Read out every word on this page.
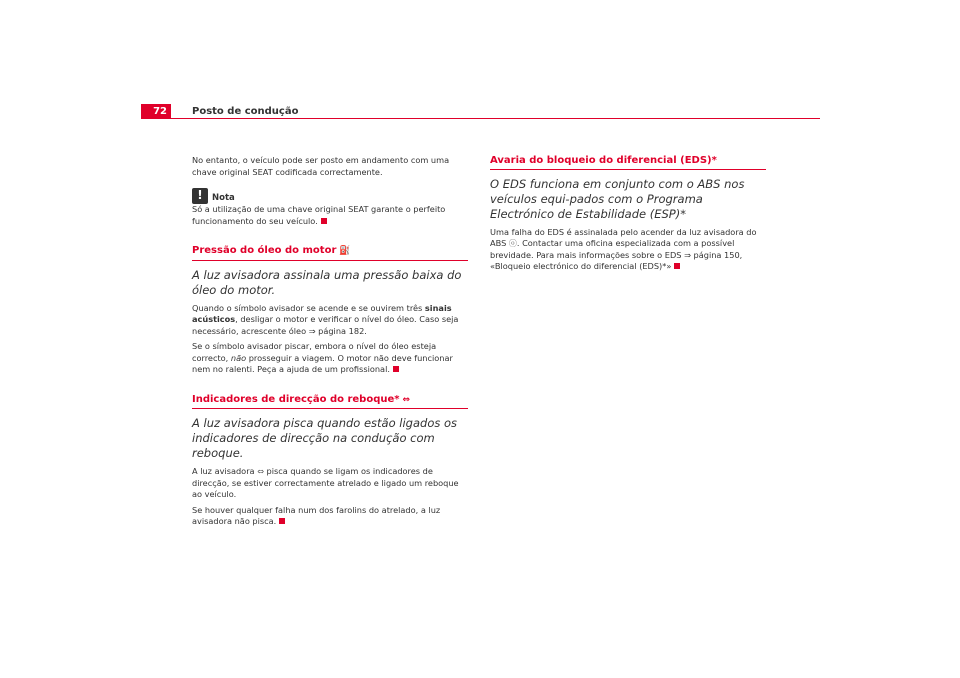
72	Posto de condução

No entanto, o veículo pode ser posto em andamento com uma chave original SEAT codificada correctamente.

!	Nota

Só a utilização de uma chave original SEAT garante o perfeito funcionamento do seu veículo.

Pressão do óleo do motor ⛽
A luz avisadora assinala uma pressão baixa do óleo do motor.

Quando o símbolo avisador se acende e se ouvirem três sinais acústicos, desligar o motor e verificar o nível do óleo. Caso seja necessário, acrescente óleo ⇒ página 182.

Se o símbolo avisador piscar, embora o nível do óleo esteja correcto, não prosseguir a viagem. O motor não deve funcionar nem no ralenti. Peça a ajuda de um profissional.

Indicadores de direcção do reboque* ⇔
A luz avisadora pisca quando estão ligados os indicadores de direcção na condução com reboque.

A luz avisadora ⇔ pisca quando se ligam os indicadores de direcção, se estiver correctamente atrelado e ligado um reboque ao veículo.

Se houver qualquer falha num dos farolins do atrelado, a luz avisadora não pisca.

Avaria do bloqueio do diferencial (EDS)*
O EDS funciona em conjunto com o ABS nos veículos equi-pados com o Programa Electrónico de Estabilidade (ESP)*

Uma falha do EDS é assinalada pelo acender da luz avisadora do ABS ⓞ. Contactar uma oficina especializada com a possível brevidade. Para mais informações sobre o EDS ⇒ página 150, «Bloqueio electrónico do diferencial (EDS)*»
